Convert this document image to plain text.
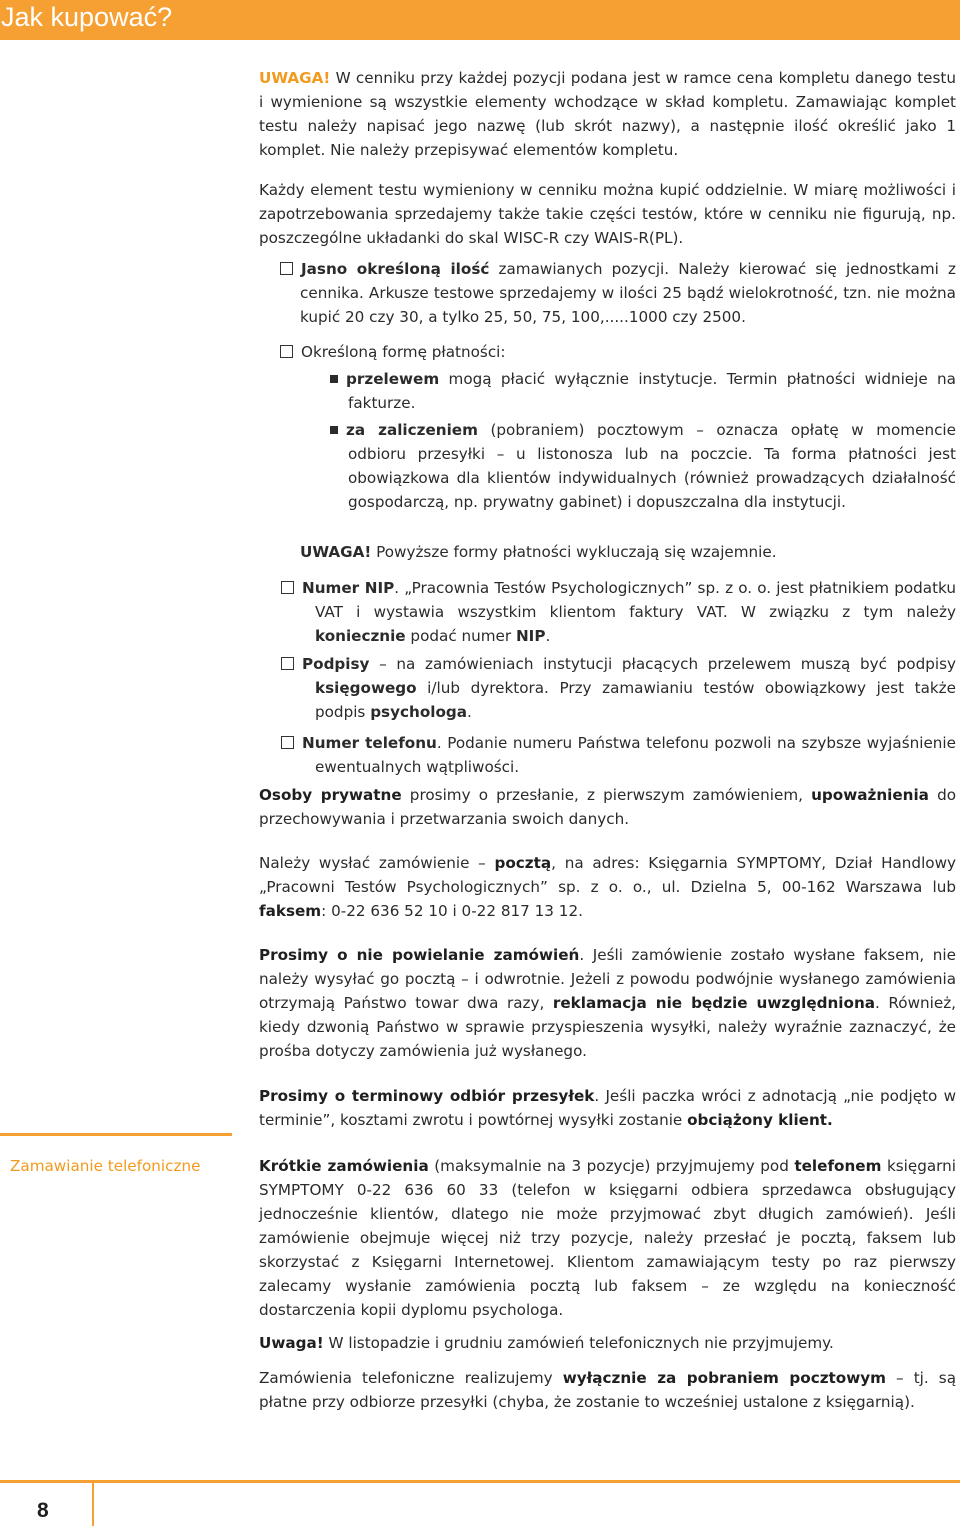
Jak kupować?
UWAGA! W cenniku przy każdej pozycji podana jest w ramce cena kompletu danego testu i wymienione są wszystkie elementy wchodzące w skład kompletu. Zamawiając komplet testu należy napisać jego nazwę (lub skrót nazwy), a następnie ilość określić jako 1 komplet. Nie należy przepisywać elementów kompletu.
Każdy element testu wymieniony w cenniku można kupić oddzielnie. W miarę możliwości i zapotrzebowania sprzedajemy także takie części testów, które w cenniku nie figurują, np. poszczególne układanki do skal WISC-R czy WAIS-R(PL).
Jasno określoną ilość zamawianych pozycji. Należy kierować się jednostkami z cennika. Arkusze testowe sprzedajemy w ilości 25 bądź wielokrotność, tzn. nie można kupić 20 czy 30, a tylko 25, 50, 75, 100,.....1000 czy 2500.
Określoną formę płatności:
przelewem mogą płacić wyłącznie instytucje. Termin płatności widnieje na fakturze.
za zaliczeniem (pobraniem) pocztowym – oznacza opłatę w momencie odbioru przesyłki – u listonosza lub na poczcie. Ta forma płatności jest obowiązkowa dla klientów indywidualnych (również prowadzących działalność gospodarczą, np. prywatny gabinet) i dopuszczalna dla instytucji.
UWAGA! Powyższe formy płatności wykluczają się wzajemnie.
Numer NIP. „Pracownia Testów Psychologicznych” sp. z o. o. jest płatnikiem podatku VAT i wystawia wszystkim klientom faktury VAT. W związku z tym należy koniecznie podać numer NIP.
Podpisy – na zamówieniach instytucji płacących przelewem muszą być podpisy księgowego i/lub dyrektora. Przy zamawianiu testów obowiązkowy jest także podpis psychologa.
Numer telefonu. Podanie numeru Państwa telefonu pozwoli na szybsze wyjaśnienie ewentualnych wątpliwości.
Osoby prywatne prosimy o przesłanie, z pierwszym zamówieniem, upoważnienia do przechowywania i przetwarzania swoich danych.
Należy wysłać zamówienie – pocztą, na adres: Księgarnia SYMPTOMY, Dział Handlowy „Pracowni Testów Psychologicznych” sp. z o. o., ul. Dzielna 5, 00-162 Warszawa lub faksem: 0-22 636 52 10 i 0-22 817 13 12.
Prosimy o nie powielanie zamówień. Jeśli zamówienie zostało wysłane faksem, nie należy wysyłać go pocztą – i odwrotnie. Jeżeli z powodu podwójnie wysłanego zamówienia otrzymają Państwo towar dwa razy, reklamacja nie będzie uwzględniona. Również, kiedy dzwonią Państwo w sprawie przyspieszenia wysyłki, należy wyraźnie zaznaczyć, że prośba dotyczy zamówienia już wysłanego.
Prosimy o terminowy odbiór przesyłek. Jeśli paczka wróci z adnotacją „nie podjęto w terminie”, kosztami zwrotu i powtórnej wysyłki zostanie obciążony klient.
Zamawianie telefoniczne	Krótkie zamówienia (maksymalnie na 3 pozycje) przyjmujemy pod telefonem księgarni SYMPTOMY 0-22 636 60 33 (telefon w księgarni odbiera sprzedawca obsługujący jednocześnie klientów, dlatego nie może przyjmować zbyt długich zamówień). Jeśli zamówienie obejmuje więcej niż trzy pozycje, należy przesłać je pocztą, faksem lub skorzystać z Księgarni Internetowej. Klientom zamawiającym testy po raz pierwszy zalecamy wysłanie zamówienia pocztą lub faksem – ze względu na konieczność dostarczenia kopii dyplomu psychologa.
Uwaga! W listopadzie i grudniu zamówień telefonicznych nie przyjmujemy.
Zamówienia telefoniczne realizujemy wyłącznie za pobraniem pocztowym – tj. są płatne przy odbiorze przesyłki (chyba, że zostanie to wcześniej ustalone z księgarnią).
8
